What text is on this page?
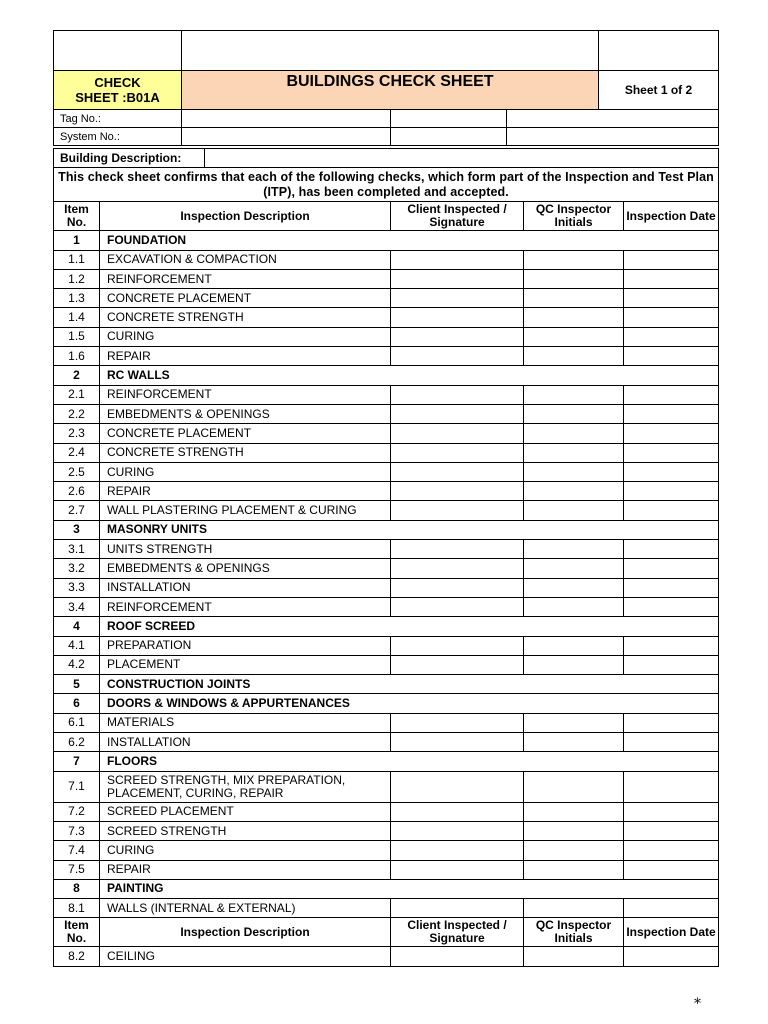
CHECK
SHEET :B01A	BUILDINGS CHECK SHEET			Sheet 1 of 2
Tag No.:				
System No.:				
Building Description:					
This check sheet confirms that each of the following checks, which form part of the Inspection and Test Plan (ITP), has been completed and accepted.					
Item No.	Inspection Description		Client Inspected / Signature	QC Inspector Initials	Inspection Date
1	FOUNDATION				
1.1	EXCAVATION & COMPACTION				
1.2	REINFORCEMENT				
1.3	CONCRETE PLACEMENT				
1.4	CONCRETE STRENGTH				
1.5	CURING				
1.6	REPAIR				
2	RC WALLS				
2.1	REINFORCEMENT				
2.2	EMBEDMENTS & OPENINGS				
2.3	CONCRETE PLACEMENT				
2.4	CONCRETE STRENGTH				
2.5	CURING				
2.6	REPAIR				
2.7	WALL PLASTERING PLACEMENT & CURING				
3	MASONRY UNITS				
3.1	UNITS STRENGTH				
3.2	EMBEDMENTS & OPENINGS				
3.3	INSTALLATION				
3.4	REINFORCEMENT				
4	ROOF SCREED				
4.1	PREPARATION				
4.2	PLACEMENT				
5	CONSTRUCTION JOINTS				
6	DOORS & WINDOWS & APPURTENANCES				
6.1	MATERIALS				
6.2	INSTALLATION				
7	FLOORS				
7.1	SCREED STRENGTH, MIX PREPARATION, PLACEMENT, CURING, REPAIR				
7.2	SCREED PLACEMENT				
7.3	SCREED STRENGTH				
7.4	CURING				
7.5	REPAIR				
8	PAINTING				
8.1	WALLS (INTERNAL & EXTERNAL)				
Item No.	Inspection Description		Client Inspected / Signature	QC Inspector Initials	Inspection Date
8.2	CEILING				
*
